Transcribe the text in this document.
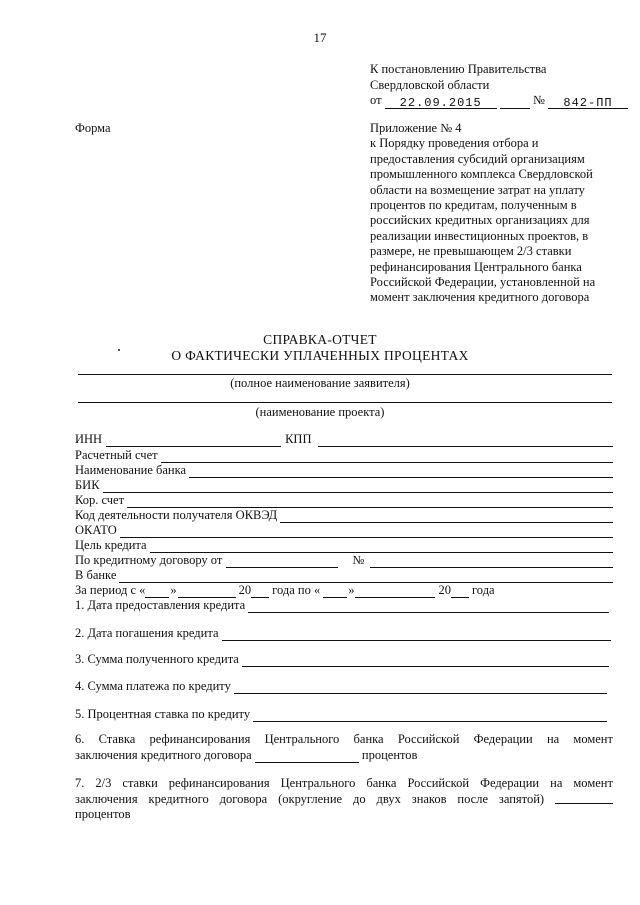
17
К постановлению Правительства
Свердловской области
от 22.09.2015	№ 842-ПП
Форма	Приложение № 4
к Порядку проведения отбора и
предоставления субсидий организациям
промышленного комплекса Свердловской
области на возмещение затрат на уплату
процентов по кредитам, полученным в
российских кредитных организациях для
реализации инвестиционных проектов, в
размере, не превышающем 2/3 ставки
рефинансирования Центрального банка
Российской Федерации, установленной на
момент заключения кредитного договора
СПРАВКА-ОТЧЕТ
О ФАКТИЧЕСКИ УПЛАЧЕННЫХ ПРОЦЕНТАХ
(полное наименование заявителя)
(наименование проекта)
ИНН	КПП
Расчетный счет
Наименование банка
БИК
Кор. счет
Код деятельности получателя ОКВЭД
ОКАТО
Цель кредита
По кредитному договору от	№
В банке
За период с « »	20 года по « »	20 года
1. Дата предоставления кредита
2. Дата погашения кредита
3. Сумма полученного кредита
4. Сумма платежа по кредиту
5. Процентная ставка по кредиту
6. Ставка рефинансирования Центрального банка Российской Федерации на момент
заключения кредитного договора	процентов
7. 2/3 ставки рефинансирования Центрального банка Российской Федерации на момент
заключения кредитного договора (округление до двух знаков после запятой)
процентов
